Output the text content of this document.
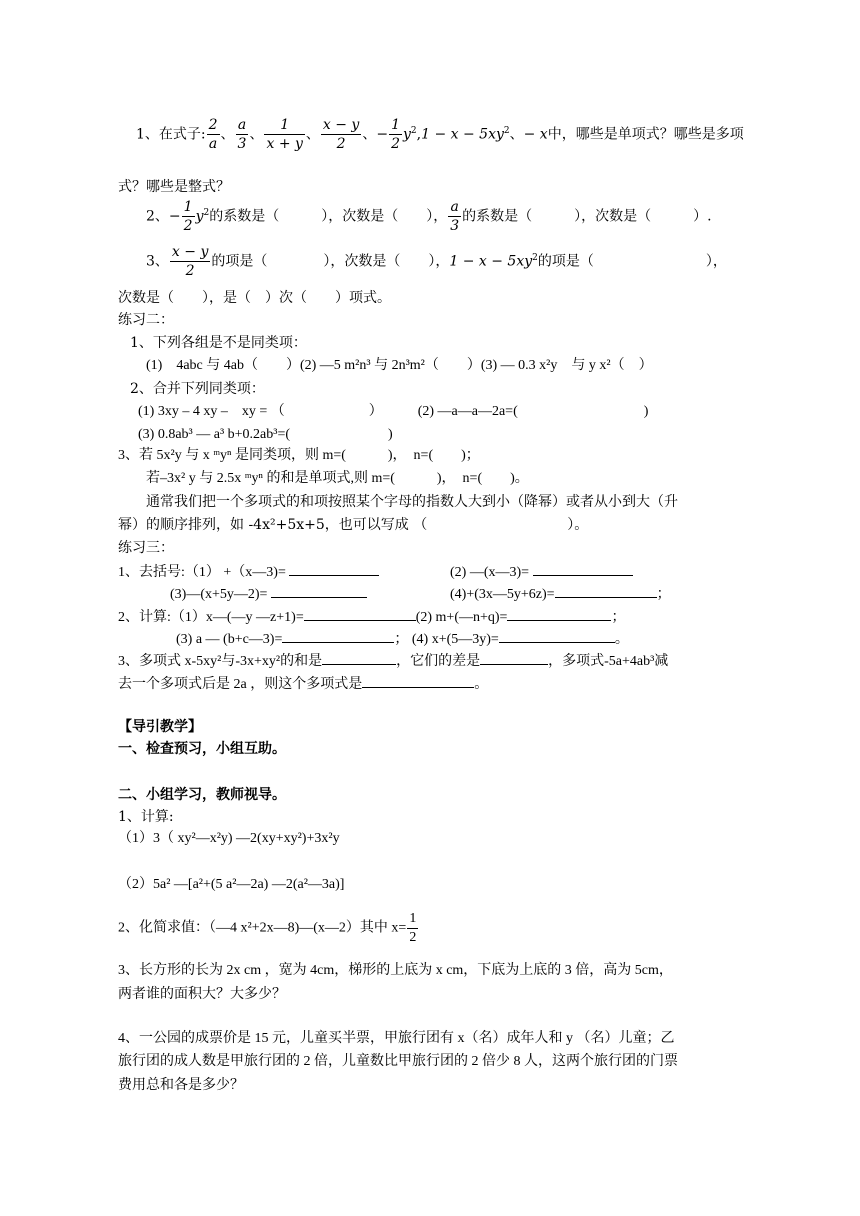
1、在式子: $\frac{2}{a}$ 、 $\frac{a}{3}$ 、 $\frac{1}{x + y}$ 、 $\frac{x - y}{2}$ 、− $\frac{1}{2} y^2,1 - x - 5xy^2$、− x中，哪些是单项式？哪些是多项
式？哪些是整式？
2、− $\frac{1}{2} y^2$的系数是（　　　），次数是（　　）， $\frac{a}{3}$ 的系数是（　　　），次数是（　　　）.
3、 $\frac{x - y}{2}$ 的项是（　　　　），次数是（　　），$1 - x - 5xy^2$的项是（　　　　　　　　），
次数是（　　），是（　）次（　　）项式。
练习二：
1、下列各组是不是同类项：
(1)　4abc 与 4ab（　　）(2) —5 m²n³ 与 2n³m²（　　）(3) — 0.3 x²y　与 y x²（　）
2、合并下列同类项：
(1) 3xy – 4 xy –　xy = （　　　　　　）　　　(2) —a—a—2a=(　　　　　　　　　)
(3) 0.8ab³ — a³ b+0.2ab³=(　　　　　　　)
3、若 5x²y 与 x ᵐyⁿ 是同类项，则 m=(　　　)，　n=(　　)；
若–3x² y 与 2.5x ᵐyⁿ 的和是单项式,则 m=(　　　)，　n=(　　)。
通常我们把一个多项式的和项按照某个字母的指数人大到小（降幂）或者从小到大（升
幂）的顺序排列，如 -4x²+5x+5，也可以写成 （　　　　　　　　　　）。
练习三：
1、去括号:（1） +（x—3)=	(2) —(x—3)=
(3)—(x+5y—2)=	(4)+(3x—5y+6z)=	；
2、计算:（1）x—(—y —z+1)=	(2) m+(—n+q)=	；
(3) a — (b+c—3)=	； (4) x+(5—3y)=	。
3、多项式 x-5xy²与-3x+xy²的和是	，它们的差是	，多项式-5a+4ab³减
去一个多项式后是 2a ，则这个多项式是	。
【导引教学】
一、检查预习，小组互助。
二、小组学习，教师视导。
1、计算:
（1）3（ xy²—x²y) —2(xy+xy²)+3x²y
（2）5a² —[a²+(5 a²—2a) —2(a²—3a)]
2、化简求值：（—4 x²+2x—8)—(x—2）其中 $x= \frac{1}{2}$
3、长方形的长为 2x cm ，宽为 4cm，梯形的上底为 x cm，下底为上底的 3 倍，高为 5cm，
两者谁的面积大？大多少？
4、一公园的成票价是 15 元，儿童买半票，甲旅行团有 x（名）成年人和 y （名）儿童；乙
旅行团的成人数是甲旅行团的 2 倍，儿童数比甲旅行团的 2 倍少 8 人，这两个旅行团的门票
费用总和各是多少？
